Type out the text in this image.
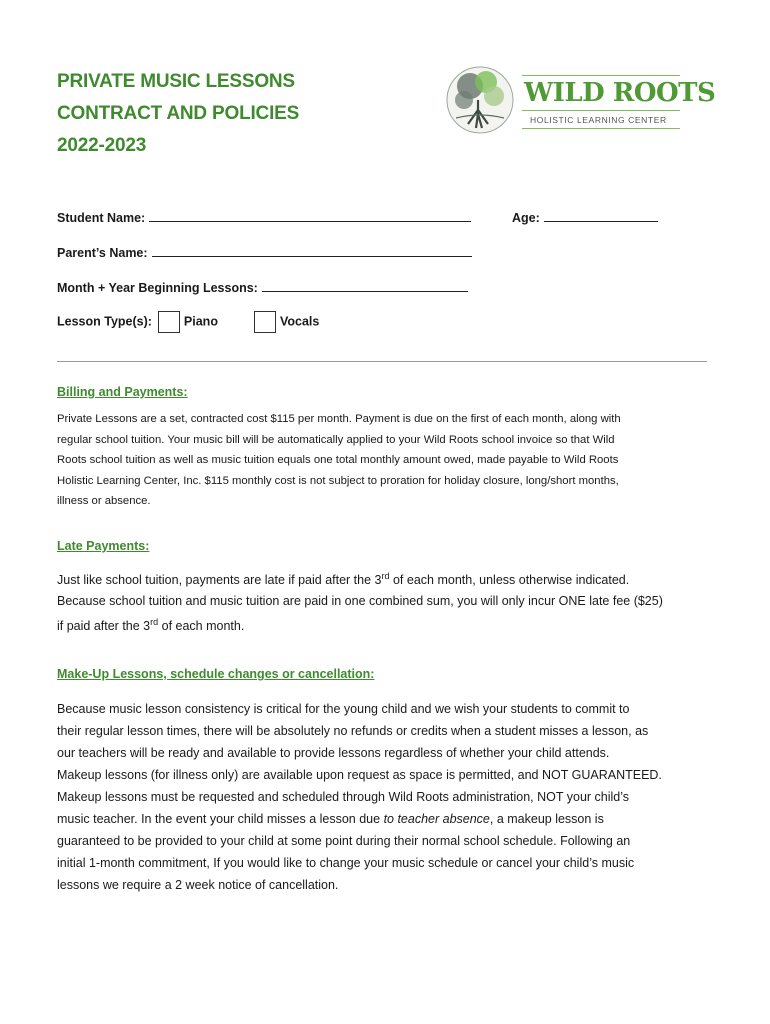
PRIVATE MUSIC LESSONS
CONTRACT AND POLICIES
2022-2023
WILD ROOTS
HOLISTIC LEARNING CENTER
Student Name:	Age:
Parent’s Name:
Month + Year Beginning Lessons:
Lesson Type(s):	Piano	Vocals
Billing and Payments:
Private Lessons are a set, contracted cost $115 per month. Payment is due on the first of each month, along with
regular school tuition. Your music bill will be automatically applied to your Wild Roots school invoice so that Wild
Roots school tuition as well as music tuition equals one total monthly amount owed, made payable to Wild Roots
Holistic Learning Center, Inc. $115 monthly cost is not subject to proration for holiday closure, long/short months,
illness or absence.
Late Payments:
Just like school tuition, payments are late if paid after the 3rd of each month, unless otherwise indicated.
Because school tuition and music tuition are paid in one combined sum, you will only incur ONE late fee ($25)
if paid after the 3rd of each month.
Make-Up Lessons, schedule changes or cancellation:
Because music lesson consistency is critical for the young child and we wish your students to commit to
their regular lesson times, there will be absolutely no refunds or credits when a student misses a lesson, as
our teachers will be ready and available to provide lessons regardless of whether your child attends.
Makeup lessons (for illness only) are available upon request as space is permitted, and NOT GUARANTEED.
Makeup lessons must be requested and scheduled through Wild Roots administration, NOT your child’s
music teacher. In the event your child misses a lesson due to teacher absence, a makeup lesson is
guaranteed to be provided to your child at some point during their normal school schedule. Following an
initial 1-month commitment, If you would like to change your music schedule or cancel your child’s music
lessons we require a 2 week notice of cancellation.
